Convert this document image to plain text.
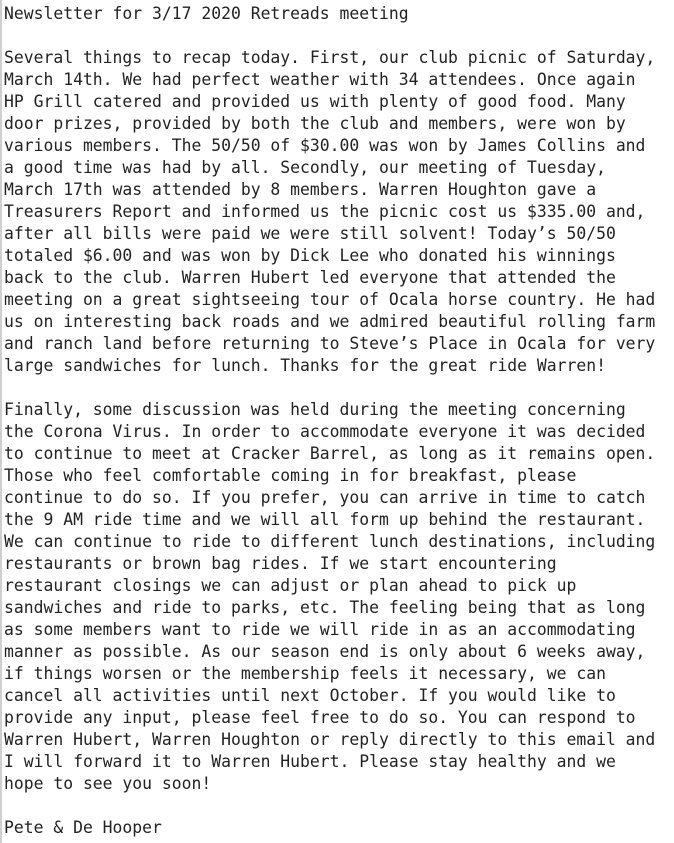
Newsletter for 3/17 2020 Retreads meeting
Several things to recap today. First, our club picnic of Saturday,
March 14th. We had perfect weather with 34 attendees. Once again
HP Grill catered and provided us with plenty of good food. Many
door prizes, provided by both the club and members, were won by
various members. The 50/50 of $30.00 was won by James Collins and
a good time was had by all. Secondly, our meeting of Tuesday,
March 17th was attended by 8 members. Warren Houghton gave a
Treasurers Report and informed us the picnic cost us $335.00 and,
after all bills were paid we were still solvent! Today’s 50/50
totaled $6.00 and was won by Dick Lee who donated his winnings
back to the club. Warren Hubert led everyone that attended the
meeting on a great sightseeing tour of Ocala horse country. He had
us on interesting back roads and we admired beautiful rolling farm
and ranch land before returning to Steve’s Place in Ocala for very
large sandwiches for lunch. Thanks for the great ride Warren!
Finally, some discussion was held during the meeting concerning
the Corona Virus. In order to accommodate everyone it was decided
to continue to meet at Cracker Barrel, as long as it remains open.
Those who feel comfortable coming in for breakfast, please
continue to do so. If you prefer, you can arrive in time to catch
the 9 AM ride time and we will all form up behind the restaurant.
We can continue to ride to different lunch destinations, including
restaurants or brown bag rides. If we start encountering
restaurant closings we can adjust or plan ahead to pick up
sandwiches and ride to parks, etc. The feeling being that as long
as some members want to ride we will ride in as an accommodating
manner as possible. As our season end is only about 6 weeks away,
if things worsen or the membership feels it necessary, we can
cancel all activities until next October. If you would like to
provide any input, please feel free to do so. You can respond to
Warren Hubert, Warren Houghton or reply directly to this email and
I will forward it to Warren Hubert. Please stay healthy and we
hope to see you soon!
Pete & De Hooper
